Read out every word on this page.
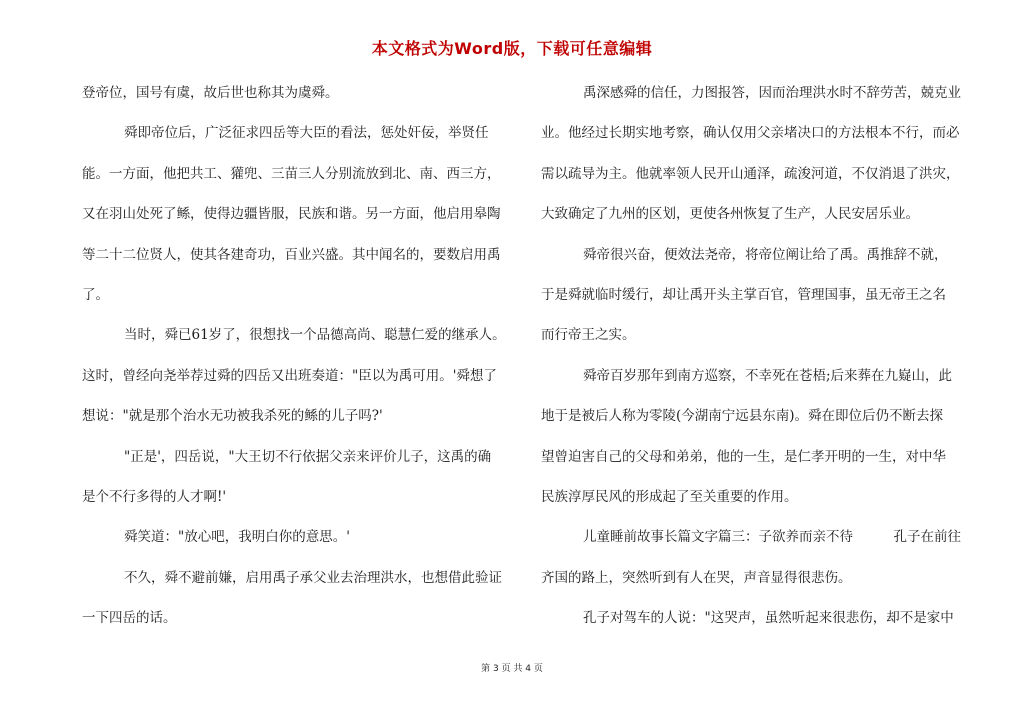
本文格式为Word版，下载可任意编辑
登帝位，国号有虞，故后世也称其为虞舜。
舜即帝位后，广泛征求四岳等大臣的看法，惩处奸佞，举贤任
能。一方面，他把共工、獾兜、三苗三人分别流放到北、南、西三方，
又在羽山处死了鲧，使得边疆皆服，民族和谐。另一方面，他启用皋陶
等二十二位贤人，使其各建奇功，百业兴盛。其中闻名的，要数启用禹
了。
当时，舜已61岁了，很想找一个品德高尚、聪慧仁爱的继承人。
这时，曾经向尧举荐过舜的四岳又出班奏道："臣以为禹可用。'舜想了
想说："就是那个治水无功被我杀死的鲧的儿子吗?'
"正是'，四岳说，"大王切不行依据父亲来评价儿子，这禹的确
是个不行多得的人才啊!'
舜笑道："放心吧，我明白你的意思。'
不久，舜不避前嫌，启用禹子承父业去治理洪水，也想借此验证
一下四岳的话。
禹深感舜的信任，力图报答，因而治理洪水时不辞劳苦，兢克业
业。他经过长期实地考察，确认仅用父亲堵决口的方法根本不行，而必
需以疏导为主。他就率领人民开山通泽，疏浚河道，不仅消退了洪灾，
大致确定了九州的区划，更使各州恢复了生产，人民安居乐业。
舜帝很兴奋，便效法尧帝，将帝位阐让给了禹。禹推辞不就，
于是舜就临时缓行，却让禹开头主掌百官，管理国事，虽无帝王之名
而行帝王之实。
舜帝百岁那年到南方巡察，不幸死在苍梧;后来葬在九嶷山，此
地于是被后人称为零陵(今湖南宁远县东南)。舜在即位后仍不断去探
望曾迫害自己的父母和弟弟，他的一生，是仁孝开明的一生，对中华
民族淳厚民风的形成起了至关重要的作用。
儿童睡前故事长篇文字篇三：子欲养而亲不待　　　孔子在前往
齐国的路上，突然听到有人在哭，声音显得很悲伤。
孔子对驾车的人说："这哭声，虽然听起来很悲伤，却不是家中
第 3 页 共 4 页
